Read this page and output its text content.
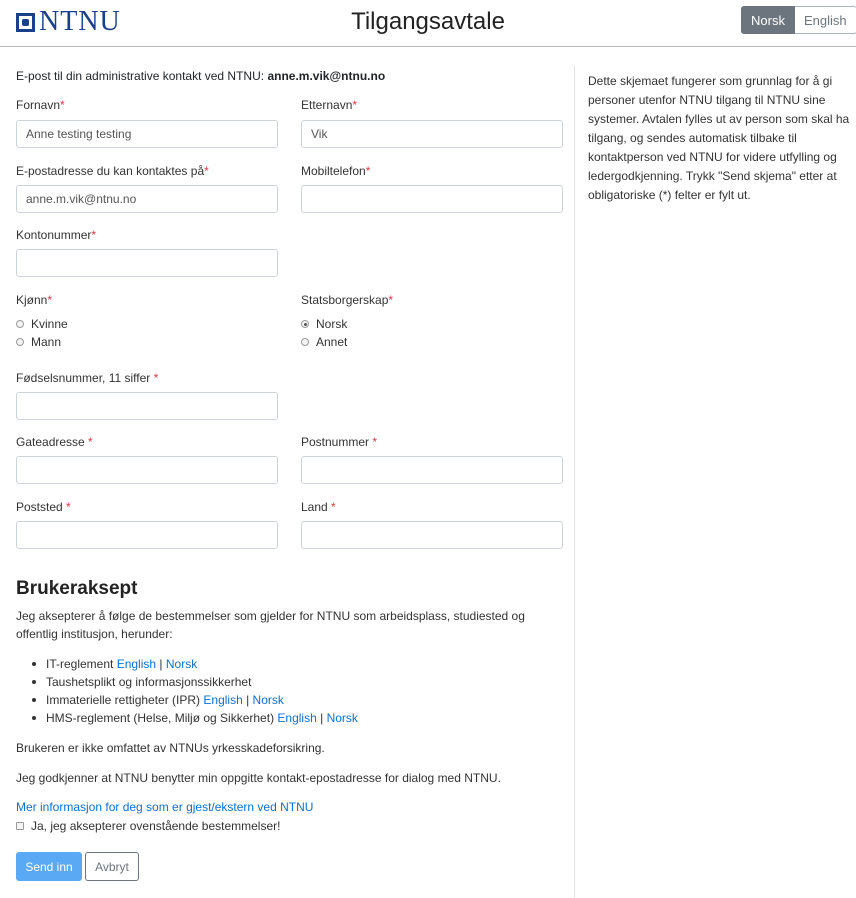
NTNU	Tilgangsavtale	Norsk	English
Dette skjemaet fungerer som grunnlag for å gi personer utenfor NTNU tilgang til NTNU sine systemer. Avtalen fylles ut av person som skal ha tilgang, og sendes automatisk tilbake til kontaktperson ved NTNU for videre utfylling og ledergodkjenning. Trykk "Send skjema" etter at obligatoriske (*) felter er fylt ut.
E-post til din administrative kontakt ved NTNU: anne.m.vik@ntnu.no
Fornavn*
Anne testing testing
Etternavn*
Vik
E-postadresse du kan kontaktes på*
anne.m.vik@ntnu.no
Mobiltelefon*
Kontonummer*
Kjønn*
Kvinne
Mann
Statsborgerskap*
Norsk
Annet
Fødselsnummer, 11 siffer *
Gateadresse *	Postnummer *
Poststed *	Land *
Brukeraksept
Jeg aksepterer å følge de bestemmelser som gjelder for NTNU som arbeidsplass, studiested og offentlig institusjon, herunder:
IT-reglement English | Norsk
Taushetsplikt og informasjonssikkerhet
Immaterielle rettigheter (IPR) English | Norsk
HMS-reglement (Helse, Miljø og Sikkerhet) English | Norsk
Brukeren er ikke omfattet av NTNUs yrkesskadeforsikring.
Jeg godkjenner at NTNU benytter min oppgitte kontakt-epostadresse for dialog med NTNU.
Mer informasjon for deg som er gjest/ekstern ved NTNU
Ja, jeg aksepterer ovenstående bestemmelser!
Send inn	Avbryt
